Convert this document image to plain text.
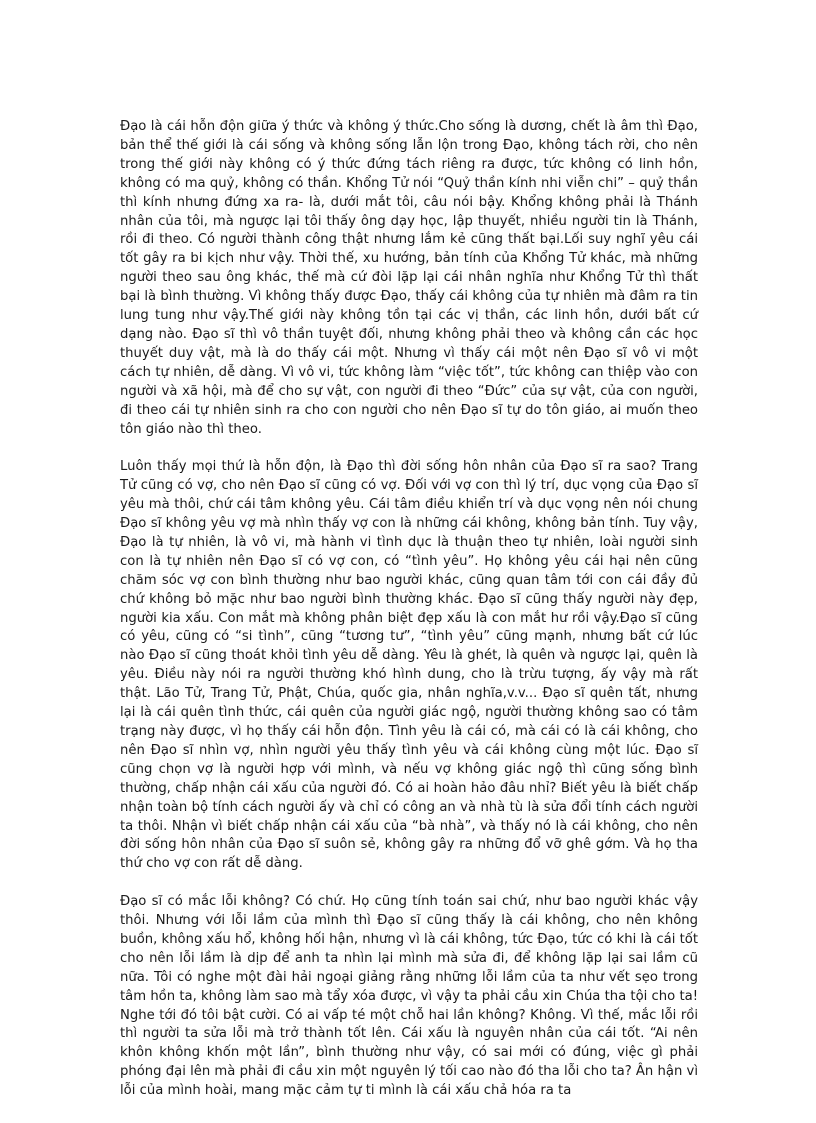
Đạo là cái hỗn độn giữa ý thức và không ý thức.Cho sống là dương, chết là âm thì Đạo, bản thể thế giới là cái sống và không sống lẫn lộn trong Đạo, không tách rời, cho nên trong thế giới này không có ý thức đứng tách riêng ra được, tức không có linh hồn, không có ma quỷ, không có thần. Khổng Tử nói “Quỷ thần kính nhi viễn chi” – quỷ thần thì kính nhưng đứng xa ra- là, dưới mắt tôi, câu nói bậy. Khổng không phải là Thánh nhân của tôi, mà ngược lại tôi thấy ông dạy học, lập thuyết, nhiều người tin là Thánh, rồi đi theo. Có người thành công thật nhưng lắm kẻ cũng thất bại.Lối suy nghĩ yêu cái tốt gây ra bi kịch như vậy. Thời thế, xu hướng, bản tính của Khổng Tử khác, mà những người theo sau ông khác, thế mà cứ đòi lặp lại cái nhân nghĩa như Khổng Tử thì thất bại là bình thường. Vì không thấy được Đạo, thấy cái không của tự nhiên mà đâm ra tin lung tung như vậy.Thế giới này không tồn tại các vị thần, các linh hồn, dưới bất cứ dạng nào. Đạo sĩ thì vô thần tuyệt đối, nhưng không phải theo và không cần các học thuyết duy vật, mà là do thấy cái một. Nhưng vì thấy cái một nên Đạo sĩ vô vi một cách tự nhiên, dễ dàng. Vì vô vi, tức không làm “việc tốt”, tức không can thiệp vào con người và xã hội, mà để cho sự vật, con người đi theo “Đức” của sự vật, của con người, đi theo cái tự nhiên sinh ra cho con người cho nên Đạo sĩ tự do tôn giáo, ai muốn theo tôn giáo nào thì theo.

Luôn thấy mọi thứ là hỗn độn, là Đạo thì đời sống hôn nhân của Đạo sĩ ra sao? Trang Tử cũng có vợ, cho nên Đạo sĩ cũng có vợ. Đối với vợ con thì lý trí, dục vọng của Đạo sĩ yêu mà thôi, chứ cái tâm không yêu. Cái tâm điều khiển trí và dục vọng nên nói chung Đạo sĩ không yêu vợ mà nhìn thấy vợ con là những cái không, không bản tính. Tuy vậy, Đạo là tự nhiên, là vô vi, mà hành vi tình dục là thuận theo tự nhiên, loài người sinh con là tự nhiên nên Đạo sĩ có vợ con, có “tình yêu”. Họ không yêu cái hại nên cũng chăm sóc vợ con bình thường như bao người khác, cũng quan tâm tới con cái đầy đủ chứ không bỏ mặc như bao người bình thường khác. Đạo sĩ cũng thấy người này đẹp, người kia xấu. Con mắt mà không phân biệt đẹp xấu là con mắt hư rồi vậy.Đạo sĩ cũng có yêu, cũng có “si tình”, cũng “tương tư”, “tình yêu” cũng mạnh, nhưng bất cứ lúc nào Đạo sĩ cũng thoát khỏi tình yêu dễ dàng. Yêu là ghét, là quên và ngược lại, quên là yêu. Điều này nói ra người thường khó hình dung, cho là trừu tượng, ấy vậy mà rất thật. Lão Tử, Trang Tử, Phật, Chúa, quốc gia, nhân nghĩa,v.v... Đạo sĩ quên tất, nhưng lại là cái quên tình thức, cái quên của người giác ngộ, người thường không sao có tâm trạng này được, vì họ thấy cái hỗn độn. Tình yêu là cái có, mà cái có là cái không, cho nên Đạo sĩ nhìn vợ, nhìn người yêu thấy tình yêu và cái không cùng một lúc. Đạo sĩ cũng chọn vợ là người hợp với mình, và nếu vợ không giác ngộ thì cũng sống bình thường, chấp nhận cái xấu của người đó. Có ai hoàn hảo đâu nhỉ? Biết yêu là biết chấp nhận toàn bộ tính cách người ấy và chỉ có công an và nhà tù là sửa đổi tính cách người ta thôi. Nhận vì biết chấp nhận cái xấu của “bà nhà”, và thấy nó là cái không, cho nên đời sống hôn nhân của Đạo sĩ suôn sẻ, không gây ra những đổ vỡ ghê gớm. Và họ tha thứ cho vợ con rất dễ dàng.

Đạo sĩ có mắc lỗi không? Có chứ. Họ cũng tính toán sai chứ, như bao người khác vậy thôi. Nhưng với lỗi lầm của mình thì Đạo sĩ cũng thấy là cái không, cho nên không buồn, không xấu hổ, không hối hận, nhưng vì là cái không, tức Đạo, tức có khi là cái tốt cho nên lỗi lầm là dịp để anh ta nhìn lại mình mà sửa đi, để không lặp lại sai lầm cũ nữa. Tôi có nghe một đài hải ngoại giảng rằng những lỗi lầm của ta như vết sẹo trong tâm hồn ta, không làm sao mà tẩy xóa được, vì vậy ta phải cầu xin Chúa tha tội cho ta! Nghe tới đó tôi bật cười. Có ai vấp té một chỗ hai lần không? Không. Vì thế, mắc lỗi rồi thì người ta sửa lỗi mà trở thành tốt lên. Cái xấu là nguyên nhân của cái tốt. “Ai nên khôn không khốn một lần”, bình thường như vậy, có sai mới có đúng, việc gì phải phóng đại lên mà phải đi cầu xin một nguyên lý tối cao nào đó tha lỗi cho ta? Ân hận vì lỗi của mình hoài, mang mặc cảm tự ti mình là cái xấu chả hóa ra ta
